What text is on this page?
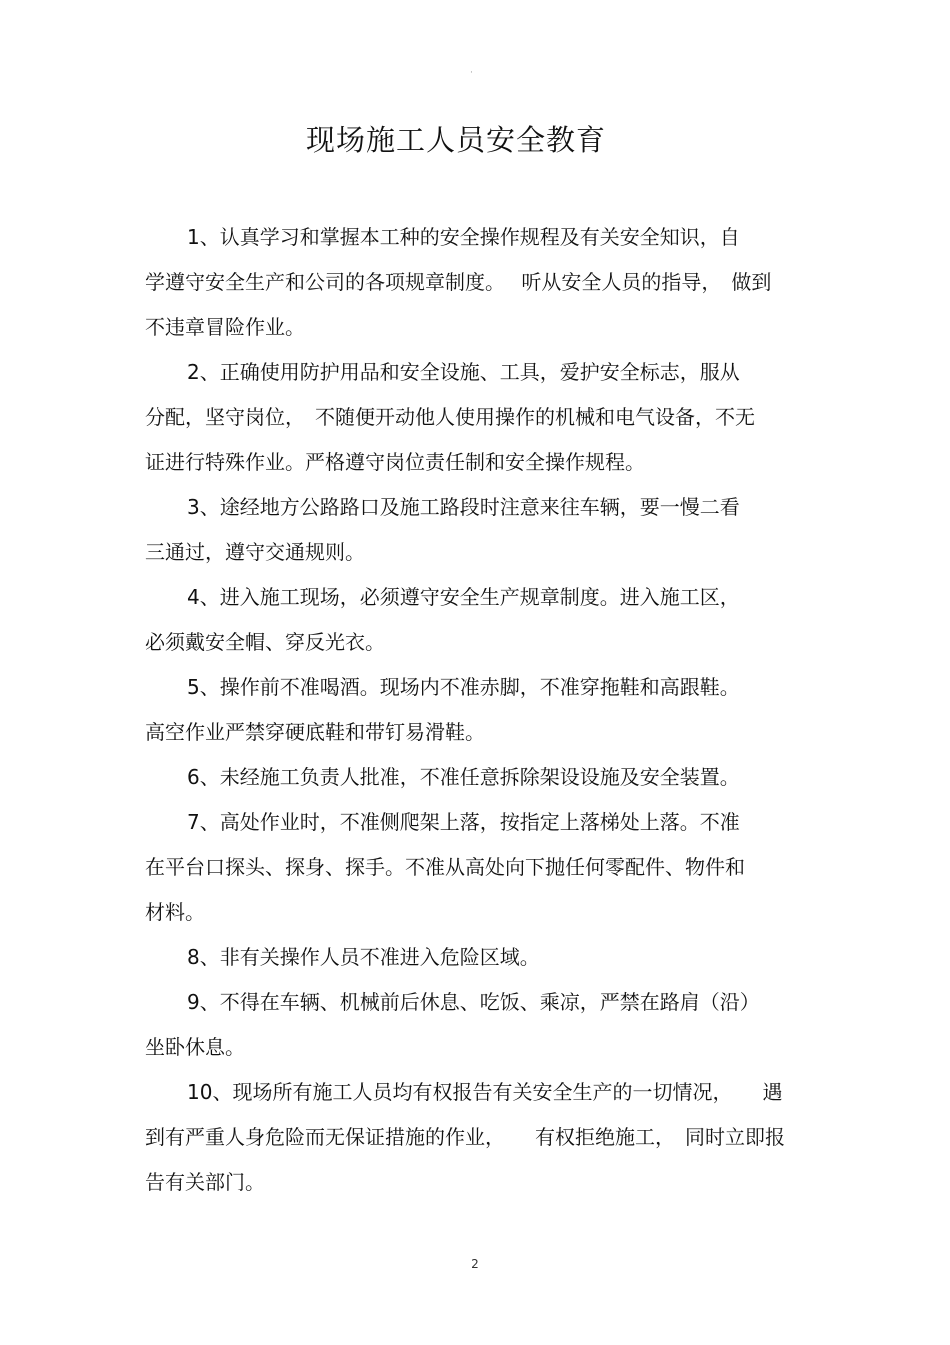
·
现场施工人员安全教育
1、认真学习和掌握本工种的安全操作规程及有关安全知识，自
学遵守安全生产和公司的各项规章制度。　 听从安全人员的指导，　做到
不违章冒险作业。
2、正确使用防护用品和安全设施、工具，爱护安全标志，服从
分配，坚守岗位，　不随便开动他人使用操作的机械和电气设备，不无
证进行特殊作业。严格遵守岗位责任制和安全操作规程。
3、途经地方公路路口及施工路段时注意来往车辆，要一慢二看
三通过，遵守交通规则。
4、进入施工现场，必须遵守安全生产规章制度。进入施工区，
必须戴安全帽、穿反光衣。
5、操作前不准喝酒。现场内不准赤脚，不准穿拖鞋和高跟鞋。
高空作业严禁穿硬底鞋和带钉易滑鞋。
6、未经施工负责人批准，不准任意拆除架设设施及安全装置。
7、高处作业时，不准侧爬架上落，按指定上落梯处上落。不准
在平台口探头、探身、探手。不准从高处向下抛任何零配件、物件和
材料。
8、非有关操作人员不准进入危险区域。
9、不得在车辆、机械前后休息、吃饭、乘凉，严禁在路肩（沿）
坐卧休息。
10、现场所有施工人员均有权报告有关安全生产的一切情况，　　遇
到有严重人身危险而无保证措施的作业，　　有权拒绝施工，　同时立即报
告有关部门。
2
